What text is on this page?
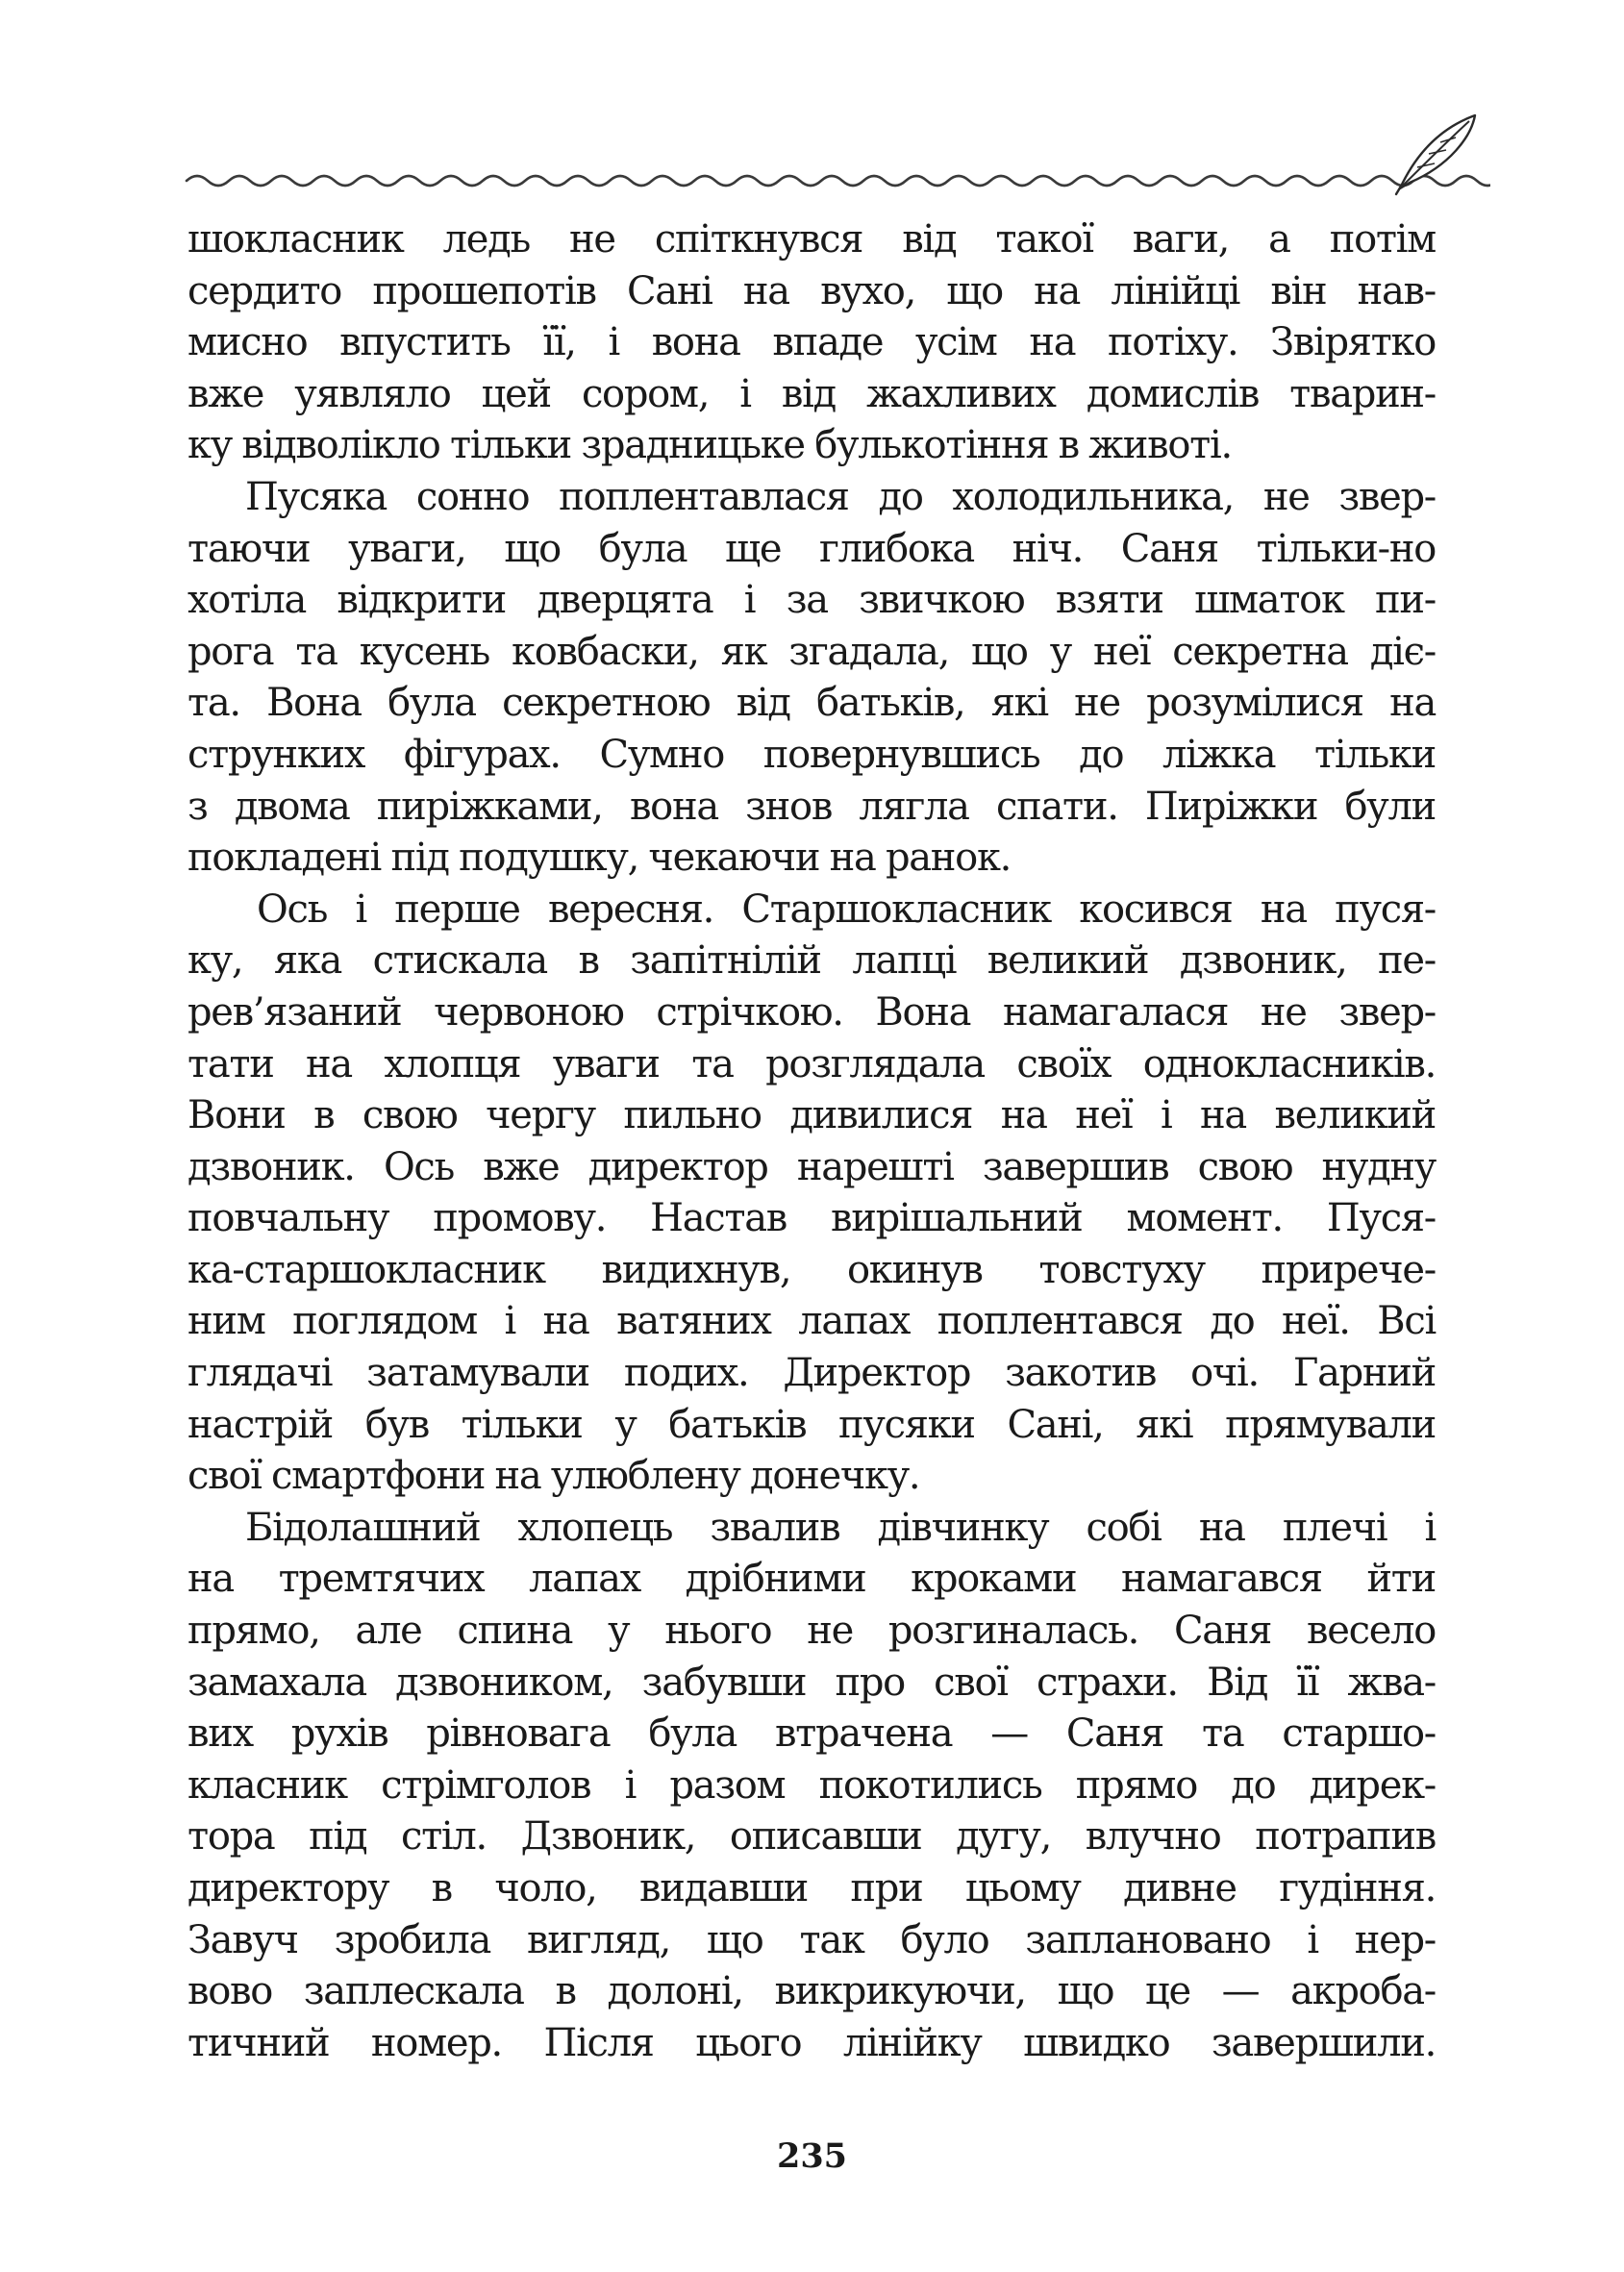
шокласник ледь не спіткнувся від такої ваги, а потім
сердито прошепотів Сані на вухо, що на лінійці він нав-
мисно впустить її, і вона впаде усім на потіху. Звірятко
вже уявляло цей сором, і від жахливих домислів тварин-
ку відволікло тільки зрадницьке булькотіння в животі.
Пусяка сонно поплентавлася до холодильника, не звер-
таючи уваги, що була ще глибока ніч. Саня тільки-но
хотіла відкрити дверцята і за звичкою взяти шматок пи-
рога та кусень ковбаски, як згадала, що у неї секретна діє-
та. Вона була секретною від батьків, які не розумілися на
струнких фігурах. Сумно повернувшись до ліжка тільки
з двома пиріжками, вона знов лягла спати. Пиріжки були
покладені під подушку, чекаючи на ранок.
Ось і перше вересня. Старшокласник косився на пуся-
ку, яка стискала в запітнілій лапці великий дзвоник, пе-
рев’язаний червоною стрічкою. Вона намагалася не звер-
тати на хлопця уваги та розглядала своїх однокласників.
Вони в свою чергу пильно дивилися на неї і на великий
дзвоник. Ось вже директор нарешті завершив свою нудну
повчальну промову. Настав вирішальний момент. Пуся-
ка-старшокласник видихнув, окинув товстуху приречe-
ним поглядом і на ватяних лапах поплентався до неї. Всі
глядачі затамували подих. Директор закотив очі. Гарний
настрій був тільки у батьків пусяки Сані, які прямували
свої смартфони на улюблену донечку.
Бідолашний хлопець звалив дівчинку собі на плечі і
на тремтячих лапах дрібними кроками намагався йти
прямо, але спина у нього не розгиналась. Саня весело
замахала дзвоником, забувши про свої страхи. Від її жва-
вих рухів рівновага була втрачена — Саня та старшо-
класник стрімголов і разом покотились прямо до дирек-
тора під стіл. Дзвоник, описавши дугу, влучно потрапив
директору в чоло, видавши при цьому дивне гудіння.
Завуч зробила вигляд, що так було заплановано і нер-
вово заплескала в долоні, викрикуючи, що це — акроба-
тичний номер. Після цього лінійку швидко завершили.
235
